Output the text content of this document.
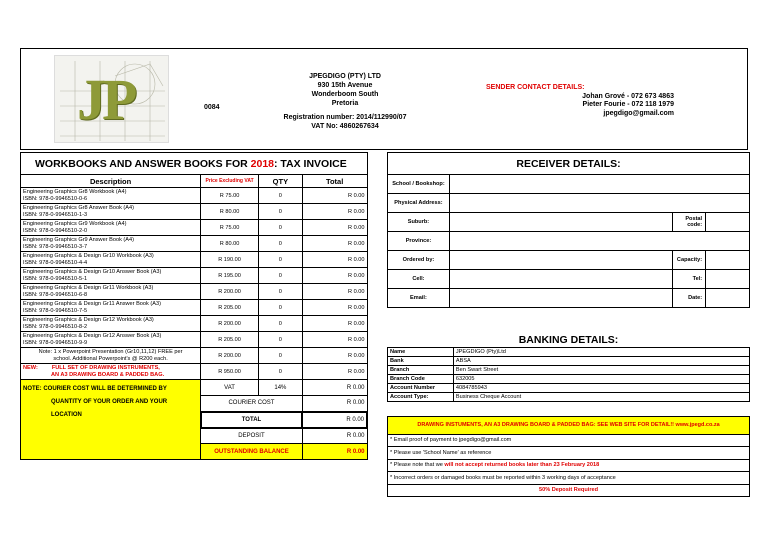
JP	0084
JPEGDIGO (PTY) LTD
930 15th Avenue
Wonderboom South
Pretoria
Registration number: 2014/112990/07
VAT No: 4860267634
SENDER CONTACT DETAILS:
Johan Grové - 072 673 4863
Pieter Fourie - 072 118 1979
jpegdigo@gmail.com
WORKBOOKS AND ANSWER BOOKS FOR 2018: TAX INVOICE			
Description	Price Excluding VAT	QTY	Total

Engineering Graphics Gr8 Workbook (A4)
ISBN: 978-0-9946510-0-6	R 75.00	0	R 0.00

Engineering Graphics Gr8 Answer Book (A4)
ISBN: 978-0-9946510-1-3	R 80.00	0	R 0.00

Engineering Graphics Gr9 Workbook (A4)
ISBN: 978-0-9946510-2-0	R 75.00	0	R 0.00

Engineering Graphics Gr9 Answer Book (A4)
ISBN: 978-0-9946510-3-7	R 80.00	0	R 0.00

Engineering Graphics & Design Gr10 Workbook (A3)
ISBN: 978-0-9946510-4-4	R 190.00	0	R 0.00

Engineering Graphics & Design Gr10 Answer Book (A3)
ISBN: 978-0-9946510-5-1	R 195.00	0	R 0.00

Engineering Graphics & Design Gr11 Workbook (A3)
ISBN: 978-0-9946510-6-8	R 200.00	0	R 0.00

Engineering Graphics & Design Gr11 Answer Book (A3)
ISBN: 978-0-9946510-7-5	R 205.00	0	R 0.00

Engineering Graphics & Design Gr12 Workbook (A3)
ISBN: 978-0-9946510-8-2	R 200.00	0	R 0.00

Engineering Graphics & Design Gr12 Answer Book (A3)
ISBN: 978-0-9946510-9-9	R 205.00	0	R 0.00

Note: 1 x Powerpoint Presentation (Gr10,11,12) FREE per
school. Additional Powerpoint's @ R200 each.	R 200.00	0	R 0.00

NEW: FULL SET OF DRAWING INSTRUMENTS,
AN A3 DRAWING BOARD & PADDED BAG.	R 950.00	0	R 0.00

NOTE: COURIER COST WILL BE DETERMINED BY
QUANTITY OF YOUR ORDER AND YOUR
LOCATION	VAT	14%	R 0.00
	COURIER COST		R 0.00
	TOTAL		R 0.00
	DEPOSIT		R 0.00
	OUTSTANDING BALANCE		R 0.00
RECEIVER DETAILS:			
School / Bookshop:			
Physical Address:			
Suburb:		Postal code:	
Province:			
Ordered by:		Capacity:	
Cell:		Tel:	
Email:		Date:	
BANKING DETAILS:	
Name	JPEGDIGO (Pty)Ltd
Bank	ABSA
Branch	Ben Swart Street
Branch Code	632005
Account Number	4084785943
Account Type:	Business Cheque Account

DRAWING INSTUMENTS, AN A3 DRAWING BOARD & PADDED BAG: SEE WEB SITE FOR DETAIL!! www.jpegd.co.za	
* Email proof of payment to jpegdigo@gmail.com	
* Please use 'School Name' as reference	
* Please note that we will not accept returned books later than 23 February 2018	
* Incorrect orders or damaged books must be reported within 3 working days of acceptance	
50% Deposit Required	
